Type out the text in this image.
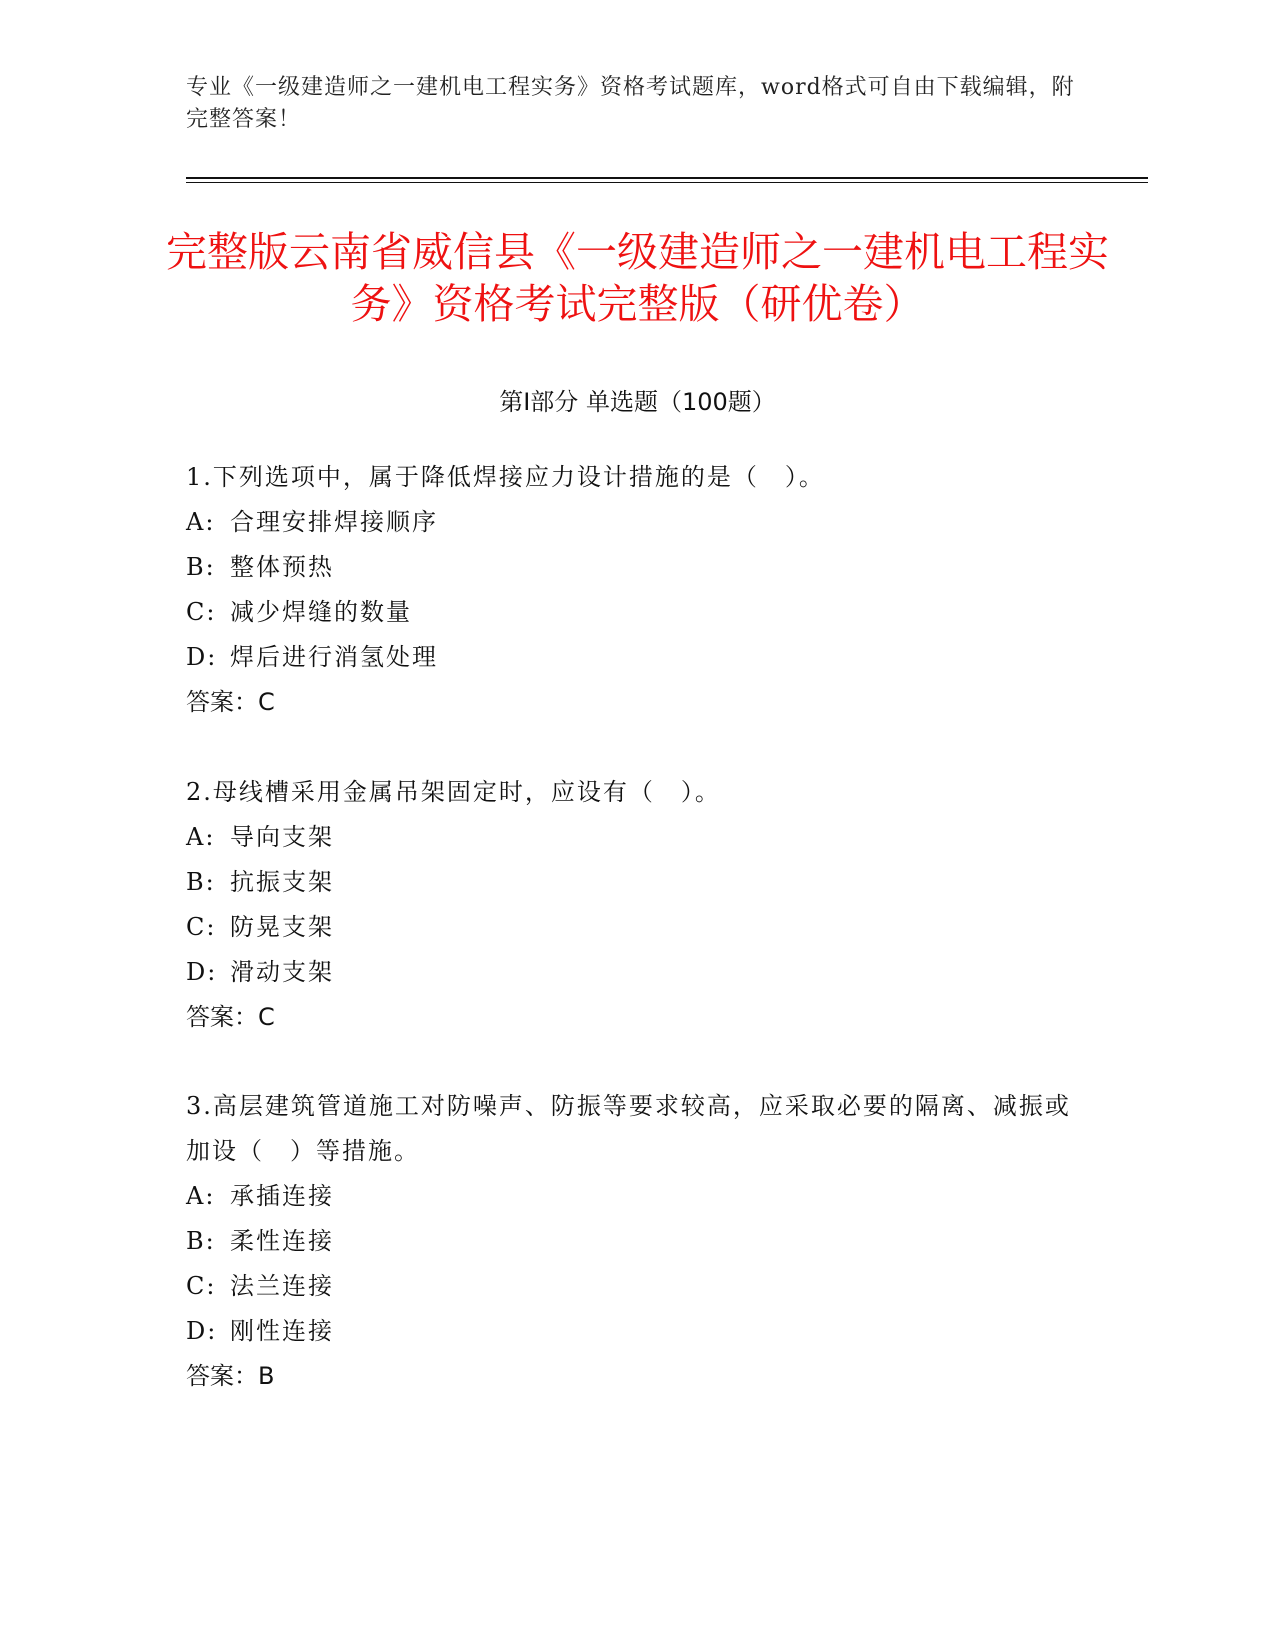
专业《一级建造师之一建机电工程实务》资格考试题库，word格式可自由下载编辑，附完整答案！
完整版云南省威信县《一级建造师之一建机电工程实务》资格考试完整版（研优卷）
第Ⅰ部分 单选题（100题）

1.下列选项中，属于降低焊接应力设计措施的是（　）。

A: 合理安排焊接顺序

B: 整体预热

C: 减少焊缝的数量

D: 焊后进行消氢处理

答案：C

2.母线槽采用金属吊架固定时，应设有（　）。

A: 导向支架

B: 抗振支架

C: 防晃支架

D: 滑动支架

答案：C

3.高层建筑管道施工对防噪声、防振等要求较高，应采取必要的隔离、减振或加设（　）等措施。

A: 承插连接

B: 柔性连接

C: 法兰连接

D: 刚性连接

答案：B
